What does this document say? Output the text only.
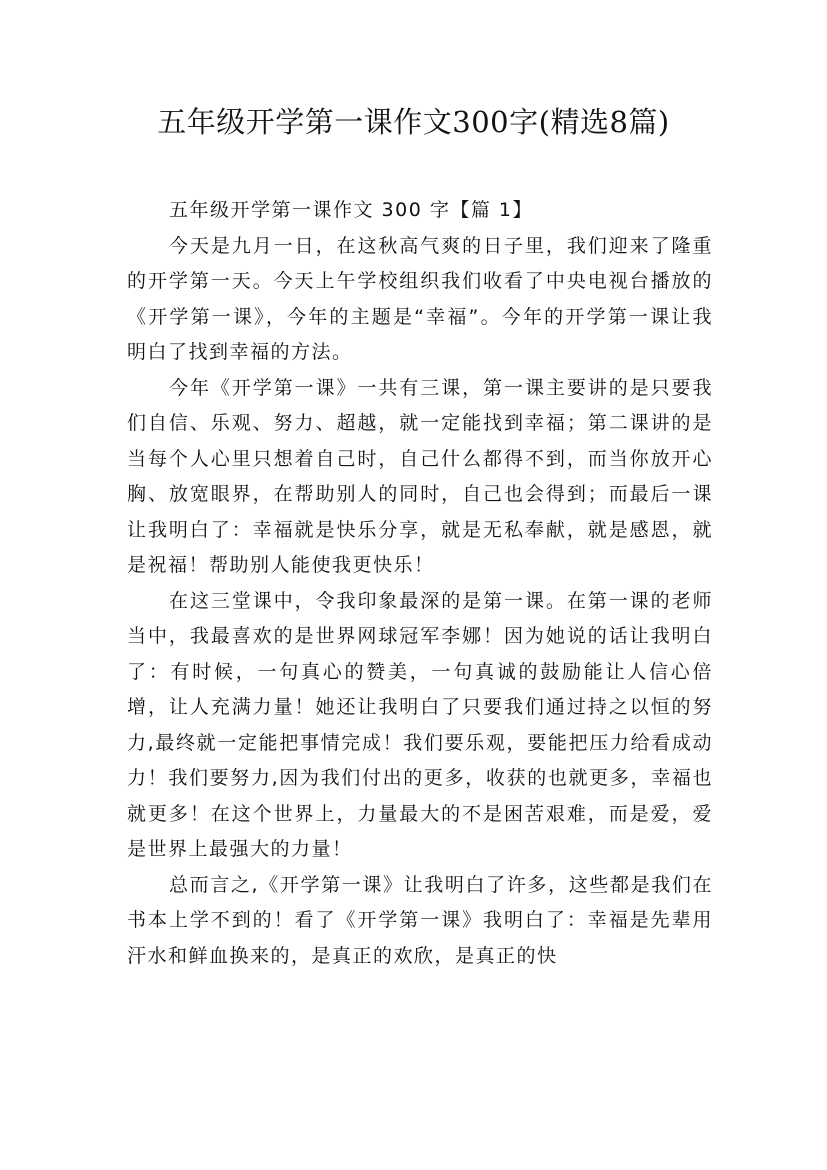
五年级开学第一课作文300字(精选8篇)

五年级开学第一课作文 300 字【篇 1】

今天是九月一日，在这秋高气爽的日子里，我们迎来了隆重的开学第一天。今天上午学校组织我们收看了中央电视台播放的《开学第一课》，今年的主题是“幸福”。今年的开学第一课让我明白了找到幸福的方法。

今年《开学第一课》一共有三课，第一课主要讲的是只要我们自信、乐观、努力、超越，就一定能找到幸福；第二课讲的是当每个人心里只想着自己时，自己什么都得不到，而当你放开心胸、放宽眼界，在帮助别人的同时，自己也会得到；而最后一课让我明白了：幸福就是快乐分享，就是无私奉献，就是感恩，就是祝福！帮助别人能使我更快乐！

在这三堂课中，令我印象最深的是第一课。在第一课的老师当中，我最喜欢的是世界网球冠军李娜！因为她说的话让我明白了：有时候，一句真心的赞美，一句真诚的鼓励能让人信心倍增，让人充满力量！她还让我明白了只要我们通过持之以恒的努力,最终就一定能把事情完成！我们要乐观，要能把压力给看成动力！我们要努力,因为我们付出的更多，收获的也就更多，幸福也就更多！在这个世界上，力量最大的不是困苦艰难，而是爱，爱是世界上最强大的力量！

总而言之,《开学第一课》让我明白了许多，这些都是我们在书本上学不到的！看了《开学第一课》我明白了：幸福是先辈用汗水和鲜血换来的，是真正的欢欣，是真正的快
